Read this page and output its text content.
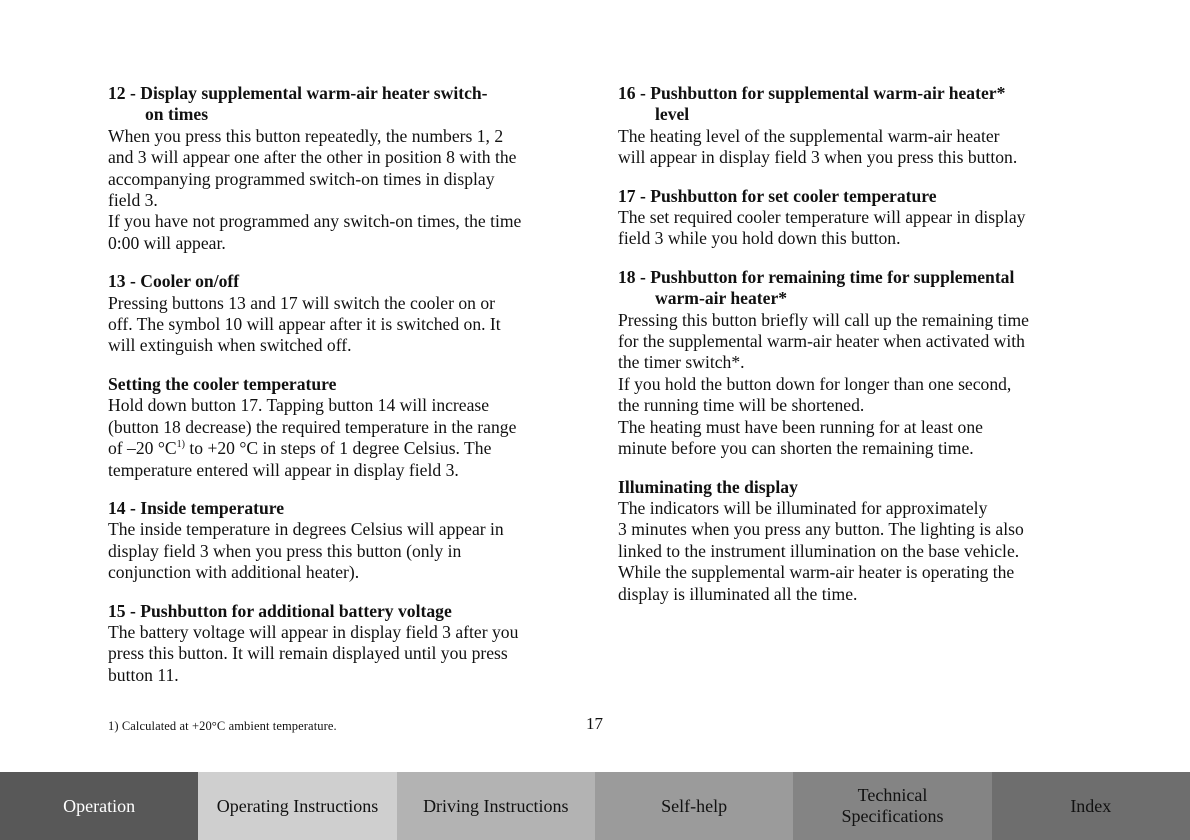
12 - Display supplemental warm-air heater switch-
on times
When you press this button repeatedly, the numbers 1, 2
and 3 will appear one after the other in position 8 with the
accompanying programmed switch-on times in display
field 3.
If you have not programmed any switch-on times, the time
0:00 will appear.
13 - Cooler on/off
Pressing buttons 13 and 17 will switch the cooler on or
off. The symbol 10 will appear after it is switched on. It
will extinguish when switched off.
Setting the cooler temperature
Hold down button 17. Tapping button 14 will increase
(button 18 decrease) the required temperature in the range
of –20 $^\circ C^{1)}$ to +20 °C in steps of 1 degree Celsius. The
temperature entered will appear in display field 3.
14 - Inside temperature
The inside temperature in degrees Celsius will appear in
display field 3 when you press this button (only in
conjunction with additional heater).
15 - Pushbutton for additional battery voltage
The battery voltage will appear in display field 3 after you
press this button. It will remain displayed until you press
button 11.
16 - Pushbutton for supplemental warm-air heater*
level
The heating level of the supplemental warm-air heater
will appear in display field 3 when you press this button.
17 - Pushbutton for set cooler temperature
The set required cooler temperature will appear in display
field 3 while you hold down this button.
18 - Pushbutton for remaining time for supplemental
warm-air heater*
Pressing this button briefly will call up the remaining time
for the supplemental warm-air heater when activated with
the timer switch*.
If you hold the button down for longer than one second,
the running time will be shortened.
The heating must have been running for at least one
minute before you can shorten the remaining time.
Illuminating the display
The indicators will be illuminated for approximately
3 minutes when you press any button. The lighting is also
linked to the instrument illumination on the base vehicle.
While the supplemental warm-air heater is operating the
display is illuminated all the time.
1) Calculated at +20°C ambient temperature.	17
Operation	Operating Instructions	Driving Instructions	Self-help
Technical
Specifications
Index
